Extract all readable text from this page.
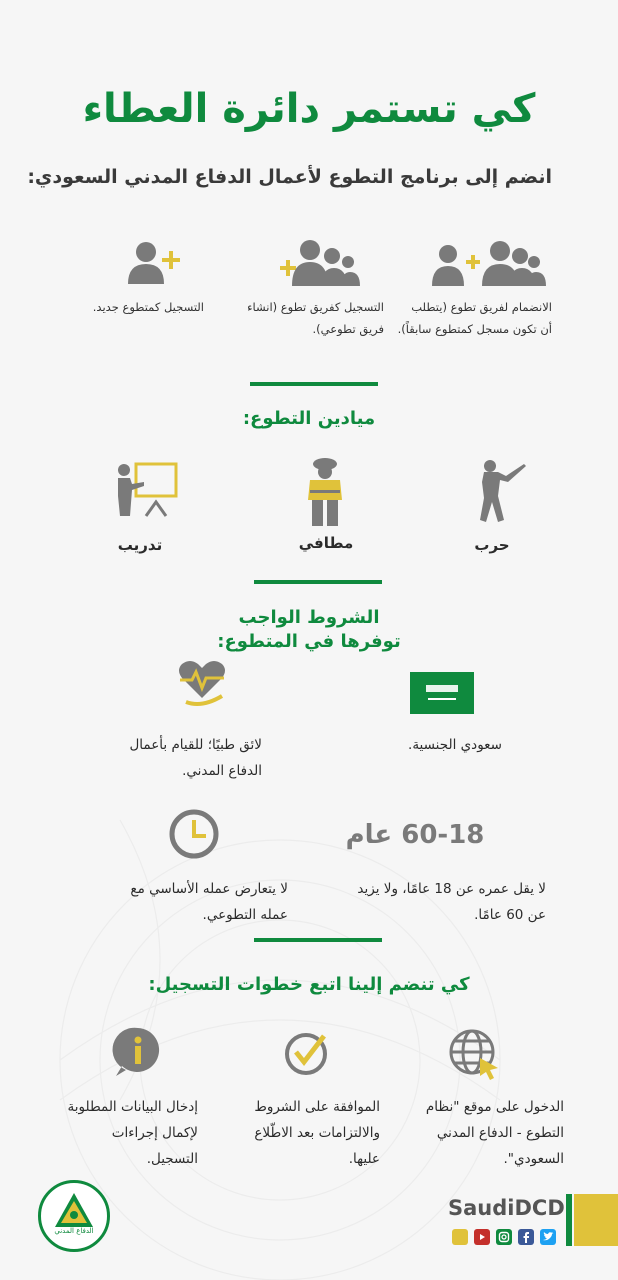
كي تستمر دائرة العطاء
انضم إلى برنامج التطوع لأعمال الدفاع المدني السعودي:
الانضمام لفريق تطوع (يتطلب
أن تكون مسجل كمتطوع سابقاً).
التسجيل كفريق تطوع (انشاء
فريق تطوعي).
التسجيل كمتطوع جديد.
ميادين التطوع:
حرب
مطافي
تدريب
الشروط الواجب
توفرها في المتطوع:
سعودي الجنسية.
لائق طبيًا؛ للقيام بأعمال
الدفاع المدني.
60-18 عام
لا يقل عمره عن 18 عامًا، ولا يزيد
عن 60 عامًا.
لا يتعارض عمله الأساسي مع
عمله التطوعي.
كي تنضم إلينا اتبع خطوات التسجيل:
الدخول على موقع "نظام
التطوع - الدفاع المدني
السعودي".
الموافقة على الشروط
والالتزامات بعد الاطّلاع
عليها.
إدخال البيانات المطلوبة
لإكمال إجراءات
التسجيل.
الدفاع المدني
SaudiDCD
